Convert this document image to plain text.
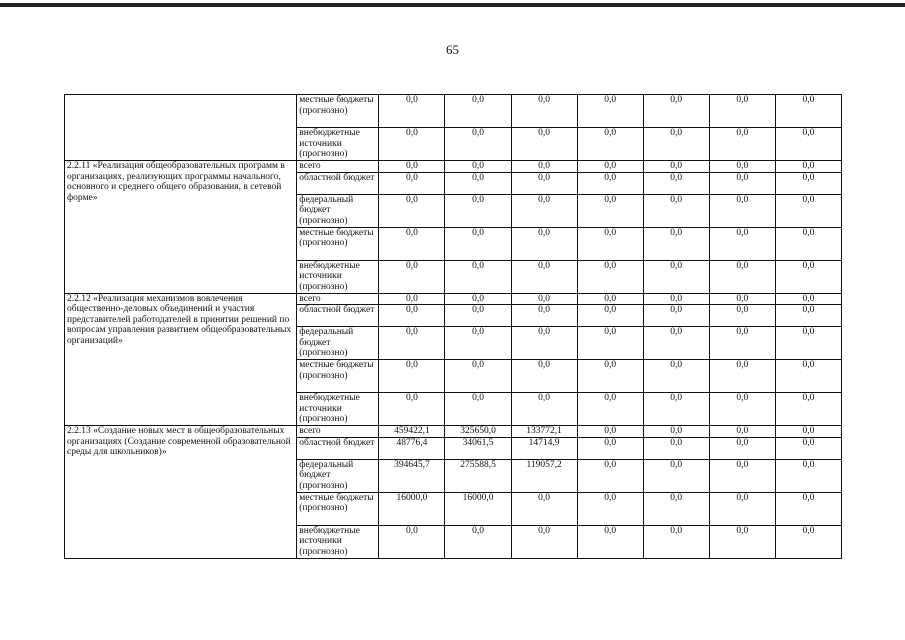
65
	местные бюджеты (прогнозно)	0,0	0,0	0,0	0,0	0,0	0,0	0,0
	внебюджетные источники (прогнозно)	0,0	0,0	0,0	0,0	0,0	0,0	0,0
2.2.11 «Реализация общеобразовательных программ в организациях, реализующих программы начального, основного и среднего общего образования, в сетевой форме»	всего	0,0	0,0	0,0	0,0	0,0	0,0	0,0
	областной бюджет	0,0	0,0	0,0	0,0	0,0	0,0	0,0
	федеральный бюджет (прогнозно)	0,0	0,0	0,0	0,0	0,0	0,0	0,0
	местные бюджеты (прогнозно)	0,0	0,0	0,0	0,0	0,0	0,0	0,0
	внебюджетные источники (прогнозно)	0,0	0,0	0,0	0,0	0,0	0,0	0,0
2.2.12 «Реализация механизмов вовлечения общественно-деловых объединений и участия представителей работодателей в принятии решений по вопросам управления развитием общеобразовательных организаций»	всего	0,0	0,0	0,0	0,0	0,0	0,0	0,0
	областной бюджет	0,0	0,0	0,0	0,0	0,0	0,0	0,0
	федеральный бюджет (прогнозно)	0,0	0,0	0,0	0,0	0,0	0,0	0,0
	местные бюджеты (прогнозно)	0,0	0,0	0,0	0,0	0,0	0,0	0,0
	внебюджетные источники (прогнозно)	0,0	0,0	0,0	0,0	0,0	0,0	0,0
2.2.13 «Создание новых мест в общеобразовательных организациях (Создание современной образовательной среды для школьников)»	всего	459422,1	325650,0	133772,1	0,0	0,0	0,0	0,0
	областной бюджет	48776,4	34061,5	14714,9	0,0	0,0	0,0	0,0
	федеральный бюджет (прогнозно)	394645,7	275588,5	119057,2	0,0	0,0	0,0	0,0
	местные бюджеты (прогнозно)	16000,0	16000,0	0,0	0,0	0,0	0,0	0,0
	внебюджетные источники (прогнозно)	0,0	0,0	0,0	0,0	0,0	0,0	0,0
